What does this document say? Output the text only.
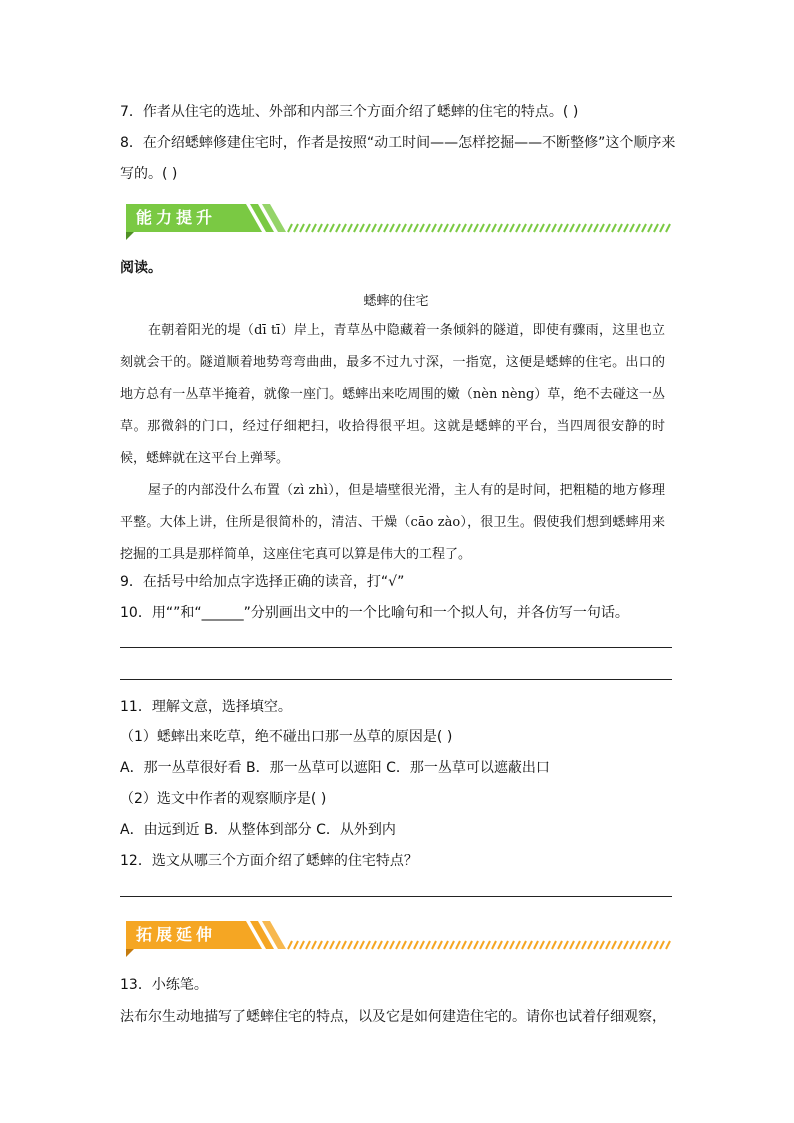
7．作者从住宅的选址、外部和内部三个方面介绍了蟋蟀的住宅的特点。( )
8．在介绍蟋蟀修建住宅时，作者是按照“动工时间——怎样挖掘——不断整修”这个顺序来
写的。( )
能力提升
阅读。
蟋蟀的住宅

在朝着阳光的堤（dī tī）岸上，青草丛中隐藏着一条倾斜的隧道，即使有骤雨，这里也立刻就会干的。隧道顺着地势弯弯曲曲，最多不过九寸深，一指宽，这便是蟋蟀的住宅。出口的地方总有一丛草半掩着，就像一座门。蟋蟀出来吃周围的嫩（nèn nèng）草，绝不去碰这一丛草。那微斜的门口，经过仔细耙扫，收拾得很平坦。这就是蟋蟀的平台，当四周很安静的时候，蟋蟀就在这平台上弹琴。

屋子的内部没什么布置（zì zhì），但是墙壁很光滑，主人有的是时间，把粗糙的地方修理平整。大体上讲，住所是很简朴的，清洁、干燥（cāo zào），很卫生。假使我们想到蟋蟀用来挖掘的工具是那样简单，这座住宅真可以算是伟大的工程了。

9．在括号中给加点字选择正确的读音，打“√”
10．用“”和“______”分别画出文中的一个比喻句和一个拟人句，并各仿写一句话。
11．理解文意，选择填空。
（1）蟋蟀出来吃草，绝不碰出口那一丛草的原因是( )
A．那一丛草很好看 B．那一丛草可以遮阳 C．那一丛草可以遮蔽出口
（2）选文中作者的观察顺序是( )
A．由远到近 B．从整体到部分 C．从外到内
12．选文从哪三个方面介绍了蟋蟀的住宅特点？
拓展延伸
13．小练笔。
法布尔生动地描写了蟋蟀住宅的特点，以及它是如何建造住宅的。请你也试着仔细观察，
